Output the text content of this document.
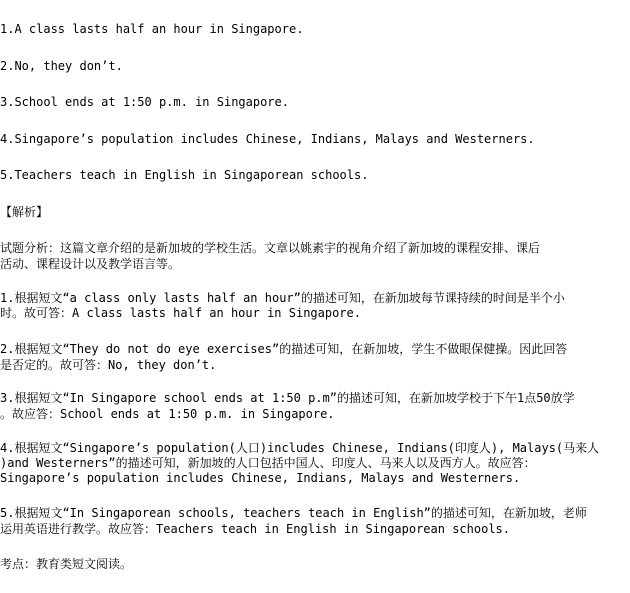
1.A class lasts half an hour in Singapore.
2.No, they don’t.
3.School ends at 1:50 p.m. in Singapore.
4.Singapore’s population includes Chinese, Indians, Malays and Westerners.
5.Teachers teach in English in Singaporean schools.
【解析】
试题分析：这篇文章介绍的是新加坡的学校生活。文章以姚素宇的视角介绍了新加坡的课程安排、课后
活动、课程设计以及教学语言等。
1.根据短文“a class only lasts half an hour”的描述可知，在新加坡每节课持续的时间是半个小
时。故可答：A class lasts half an hour in Singapore.
2.根据短文“They do not do eye exercises”的描述可知，在新加坡，学生不做眼保健操。因此回答
是否定的。故可答：No, they don’t.
3.根据短文“In Singapore school ends at 1:50 p.m”的描述可知，在新加坡学校于下午1点50放学
。故应答：School ends at 1:50 p.m. in Singapore.
4.根据短文“Singapore’s population(人口)includes Chinese, Indians(印度人), Malays(马来人
)and Westerners”的描述可知，新加坡的人口包括中国人、印度人、马来人以及西方人。故应答：
Singapore’s population includes Chinese, Indians, Malays and Westerners.
5.根据短文“In Singaporean schools, teachers teach in English”的描述可知，在新加坡，老师
运用英语进行教学。故应答：Teachers teach in English in Singaporean schools.
考点：教育类短文阅读。
